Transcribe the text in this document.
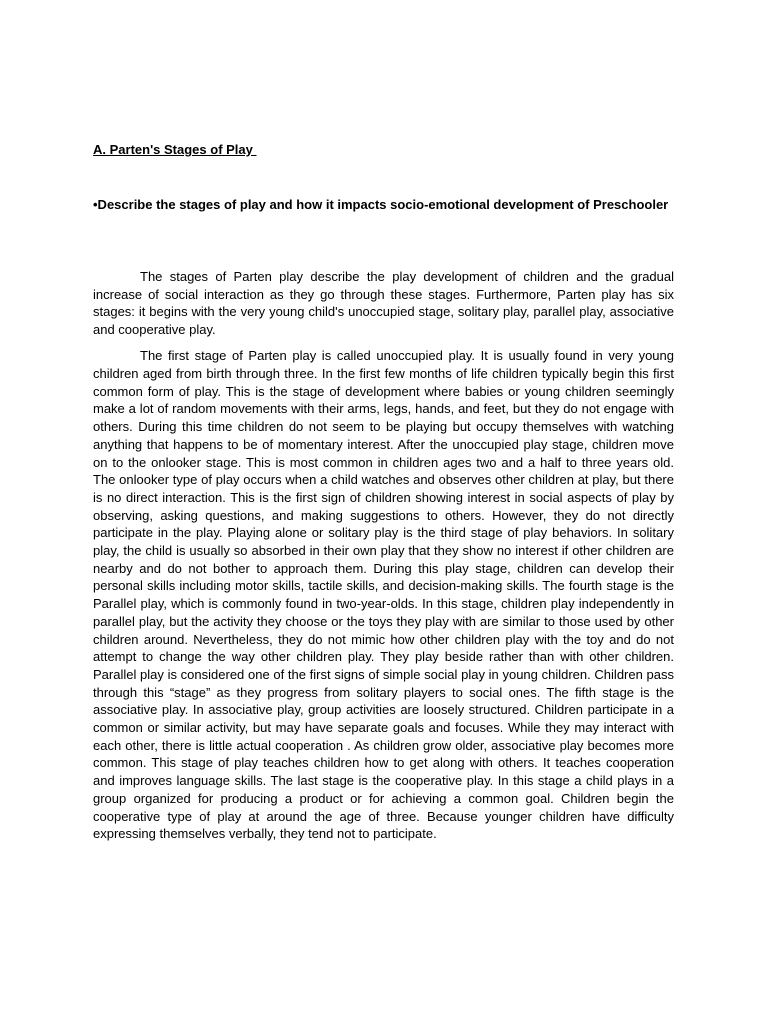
A. Parten's Stages of Play

•Describe the stages of play and how it impacts socio-emotional development of Preschooler

The stages of Parten play describe the play development of children and the gradual increase of social interaction as they go through these stages. Furthermore, Parten play has six stages: it begins with the very young child's unoccupied stage, solitary play, parallel play, associative and cooperative play.

The first stage of Parten play is called unoccupied play. It is usually found in very young children aged from birth through three. In the first few months of life children typically begin this first common form of play. This is the stage of development where babies or young children seemingly make a lot of random movements with their arms, legs, hands, and feet, but they do not engage with others. During this time children do not seem to be playing but occupy themselves with watching anything that happens to be of momentary interest. After the unoccupied play stage, children move on to the onlooker stage. This is most common in children ages two and a half to three years old. The onlooker type of play occurs when a child watches and observes other children at play, but there is no direct interaction. This is the first sign of children showing interest in social aspects of play by observing, asking questions, and making suggestions to others. However, they do not directly participate in the play. Playing alone or solitary play is the third stage of play behaviors. In solitary play, the child is usually so absorbed in their own play that they show no interest if other children are nearby and do not bother to approach them. During this play stage, children can develop their personal skills including motor skills, tactile skills, and decision-making skills. The fourth stage is the Parallel play, which is commonly found in two-year-olds. In this stage, children play independently in parallel play, but the activity they choose or the toys they play with are similar to those used by other children around. Nevertheless, they do not mimic how other children play with the toy and do not attempt to change the way other children play. They play beside rather than with other children. Parallel play is considered one of the first signs of simple social play in young children. Children pass through this “stage” as they progress from solitary players to social ones. The fifth stage is the associative play. In associative play, group activities are loosely structured. Children participate in a common or similar activity, but may have separate goals and focuses. While they may interact with each other, there is little actual cooperation . As children grow older, associative play becomes more common. This stage of play teaches children how to get along with others. It teaches cooperation and improves language skills. The last stage is the cooperative play. In this stage a child plays in a group organized for producing a product or for achieving a common goal. Children begin the cooperative type of play at around the age of three. Because younger children have difficulty expressing themselves verbally, they tend not to participate.
